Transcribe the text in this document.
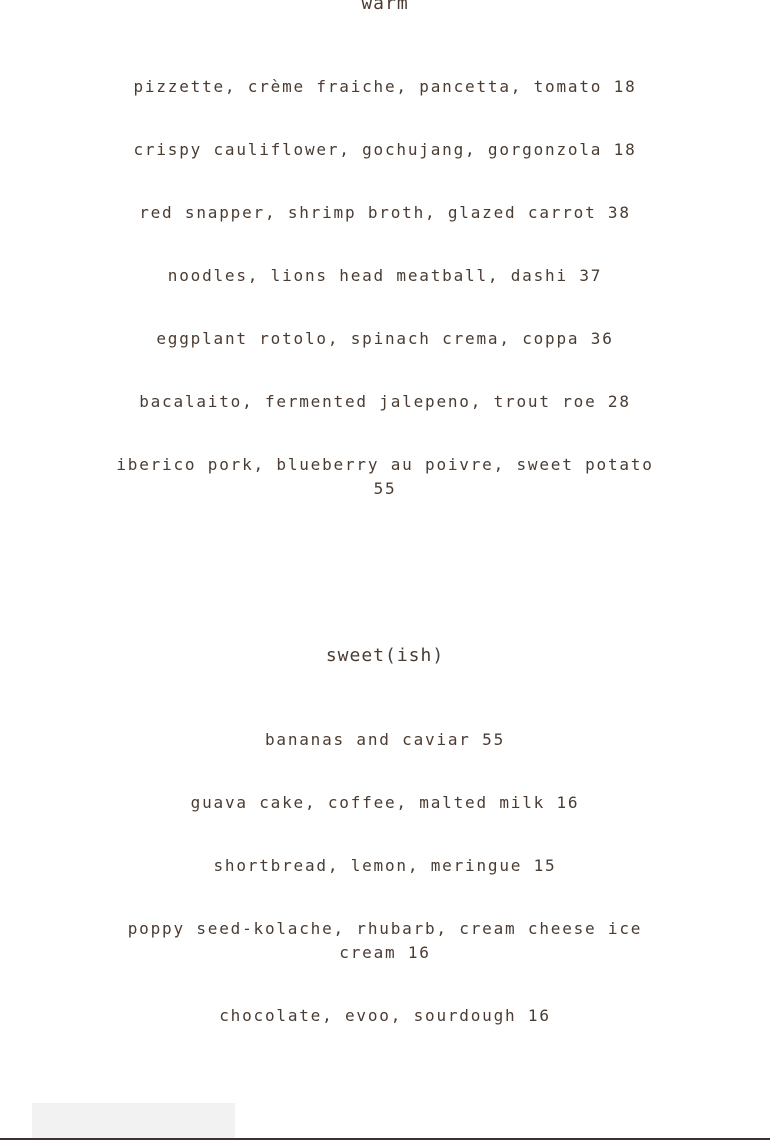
warm
pizzette, crème fraiche, pancetta, tomato 18
crispy cauliflower, gochujang, gorgonzola 18
red snapper, shrimp broth, glazed carrot 38
noodles, lions head meatball, dashi 37
eggplant rotolo, spinach crema, coppa 36
bacalaito, fermented jalepeno, trout roe 28
iberico pork, blueberry au poivre, sweet potato 55
sweet(ish)
bananas and caviar 55
guava cake, coffee, malted milk 16
shortbread, lemon, meringue 15
poppy seed-kolache, rhubarb, cream cheese ice cream 16
chocolate, evoo, sourdough 16
